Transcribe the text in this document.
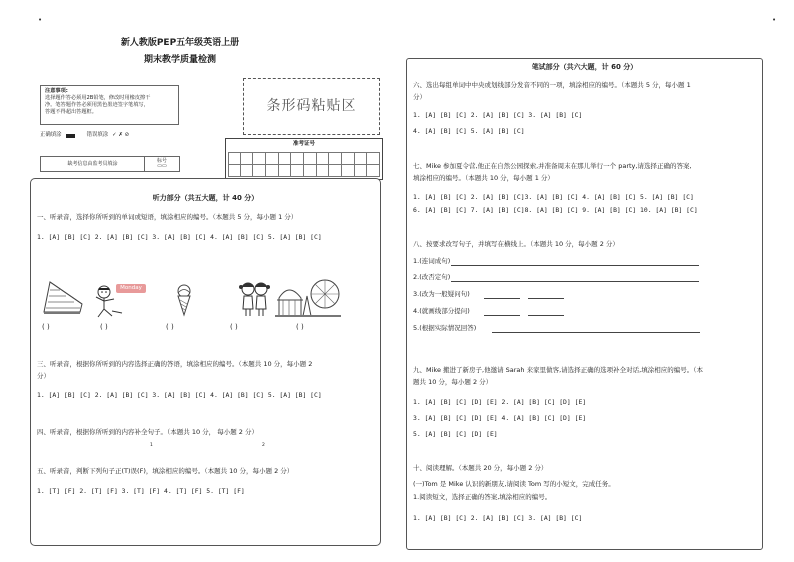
•	•
新人教版PEP五年级英语上册
期末教学质量检测
注意事项:
选择题作答必须用2B铅笔，修改时用橡皮擦干
净。笔答题作答必须用黑色墨迹签字笔填写，
答题不得超出答题框。	条形码粘贴区
正确填涂	错误填涂 ✓ ✗ ⊘
准考证号
缺考信息由监考员填涂	标号
▭▭
听力部分（共五大题，计 40 分）
一、听录音，选择你所听到的单词或短语，填涂相应的编号。（本题共 5 分，每小题 1 分）
1. [A] [B] [C] 2. [A] [B] [C] 3. [A] [B] [C] 4. [A] [B] [C] 5. [A] [B] [C]
Monday
( )	( )	( )	( )	( )
三、听录音，根据你所听到的内容选择正确的答语，填涂相应的编号。（本题共 10 分，每小题 2
分）
1. [A] [B] [C] 2. [A] [B] [C] 3. [A] [B] [C] 4. [A] [B] [C] 5. [A] [B] [C]
四、听录音，根据你所听到的内容补全句子。（本题共 10 分， 每小题 2 分）
1	2
五、听录音，判断下列句子正(T)误(F)，填涂相应的编号。（本题共 10 分，每小题 2 分）
1. [T] [F] 2. [T] [F] 3. [T] [F] 4. [T] [F] 5. [T] [F]
笔试部分（共六大题，计 60 分）
六、选出每组单词中中央或划线部分发音不同的一项，填涂相应的编号。（本题共 5 分，每小题 1
分）
1. [A] [B] [C] 2. [A] [B] [C] 3. [A] [B] [C]
4. [A] [B] [C] 5. [A] [B] [C]
七、Mike 参加夏令营,他正在自然公园探索,并准备周末在那儿举行一个 party,请选择正确的答案,
填涂相应的编号。（本题共 10 分，每小题 1 分）
1. [A] [B] [C] 2. [A] [B] [C]3. [A] [B] [C] 4. [A] [B] [C] 5. [A] [B] [C]
6. [A] [B] [C] 7. [A] [B] [C]8. [A] [B] [C] 9. [A] [B] [C] 10. [A] [B] [C]
八、按要求改写句子，并填写在横线上。（本题共 10 分，每小题 2 分）
1.(连词成句)
2.(改否定句)
3.(改为一般疑问句)
4.(就画线部分提问)
5.(根据实际情况回答)
九、Mike 搬进了新房子,他邀请 Sarah 来家里做客,请选择正确的选项补全对话,填涂相应的编号。（本
题共 10 分，每小题 2 分）
1. [A] [B] [C] [D] [E] 2. [A] [B] [C] [D] [E]
3. [A] [B] [C] [D] [E] 4. [A] [B] [C] [D] [E]
5. [A] [B] [C] [D] [E]
十、阅读理解。（本题共 20 分，每小题 2 分）
(一)Tom 是 Mike 认识的新朋友,请阅读 Tom 写的小短文，完成任务。
1.阅读短文，选择正确的答案,填涂相应的编号。
1. [A] [B] [C] 2. [A] [B] [C] 3. [A] [B] [C]
